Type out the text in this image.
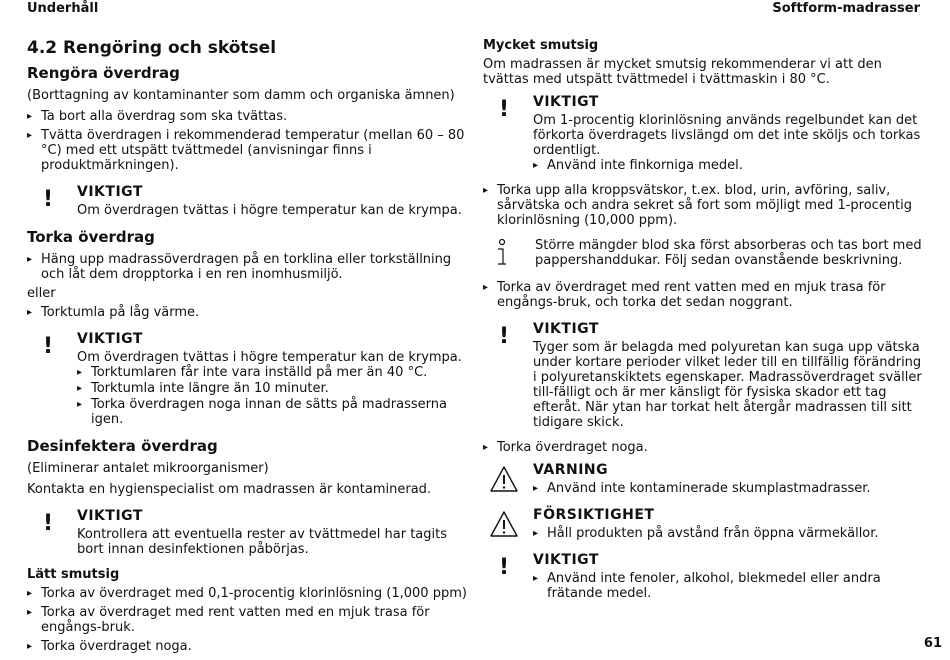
Underhåll	Softform-madrasser
4.2 Rengöring och skötsel
Rengöra överdrag

(Borttagning av kontaminanter som damm och organiska ämnen)

▸ Ta bort alla överdrag som ska tvättas.
▸ Tvätta överdragen i rekommenderad temperatur (mellan 60 – 80 °C) med ett utspätt tvättmedel (anvisningar finns i produktmärkningen).
! VIKTIGT
Om överdragen tvättas i högre temperatur kan de krympa.
Torka överdrag
▸ Häng upp madrassöverdragen på en torklina eller torkställning och låt dem dropptorka i en ren inomhusmiljö.

eller

▸ Torktumla på låg värme.
! VIKTIGT
Om överdragen tvättas i högre temperatur kan de krympa.
▸ Torktumlaren får inte vara inställd på mer än 40 °C.
▸ Torktumla inte längre än 10 minuter.
▸ Torka överdragen noga innan de sätts på madrasserna igen.
Desinfektera överdrag

(Eliminerar antalet mikroorganismer)

Kontakta en hygienspecialist om madrassen är kontaminerad.

! VIKTIGT
Kontrollera att eventuella rester av tvättmedel har tagits bort innan desinfektionen påbörjas.
Lätt smutsig
▸ Torka av överdraget med 0,1-procentig klorinlösning (1,000 ppm)
▸ Torka av överdraget med rent vatten med en mjuk trasa för engångs-bruk.
▸ Torka överdraget noga.
Mycket smutsig

Om madrassen är mycket smutsig rekommenderar vi att den tvättas med utspätt tvättmedel i tvättmaskin i 80 °C.

! VIKTIGT
Om 1-procentig klorinlösning används regelbundet kan det förkorta överdragets livslängd om det inte sköljs och torkas ordentligt.
▸ Använd inte finkorniga medel.
▸ Torka upp alla kroppsvätskor, t.ex. blod, urin, avföring, saliv, sårvätska och andra sekret så fort som möjligt med 1-procentig klorinlösning (10,000 ppm).
Större mängder blod ska först absorberas och tas bort med pappershanddukar. Följ sedan ovanstående beskrivning.
▸ Torka av överdraget med rent vatten med en mjuk trasa för engångs-bruk, och torka det sedan noggrant.
! VIKTIGT
Tyger som är belagda med polyuretan kan suga upp vätska under kortare perioder vilket leder till en tillfällig förändring i polyuretanskiktets egenskaper. Madrassöverdraget sväller till-fälligt och är mer känsligt för fysiska skador ett tag efteråt. När ytan har torkat helt återgår madrassen till sitt tidigare skick.
▸ Torka överdraget noga.
VARNING
▸ Använd inte kontaminerade skumplastmadrasser.
FÖRSIKTIGHET
▸ Håll produkten på avstånd från öppna värmekällor.
! VIKTIGT
▸ Använd inte fenoler, alkohol, blekmedel eller andra frätande medel.
61
